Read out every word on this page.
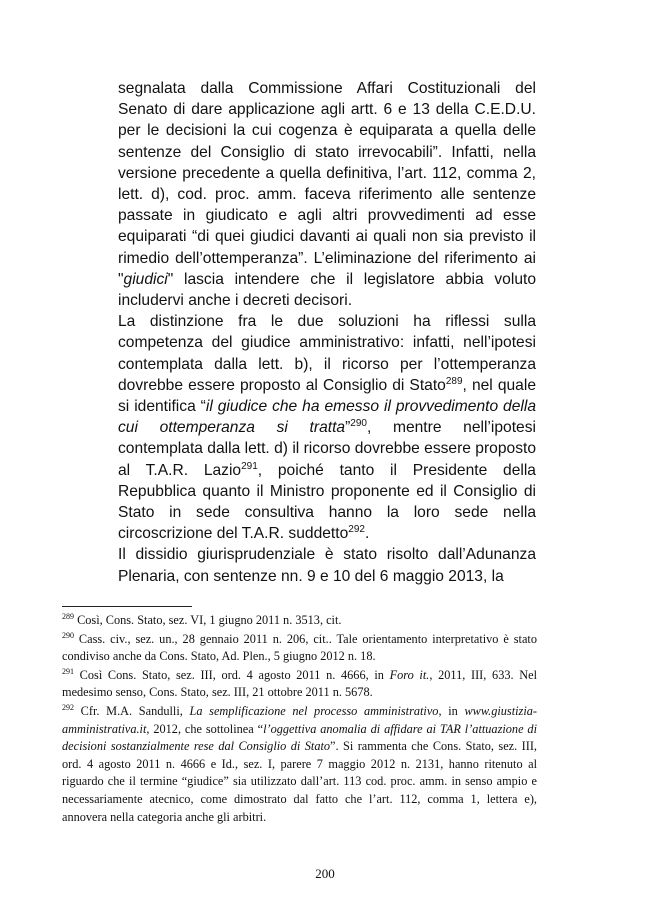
segnalata dalla Commissione Affari Costituzionali del Senato di dare applicazione agli artt. 6 e 13 della C.E.D.U. per le decisioni la cui cogenza è equiparata a quella delle sentenze del Consiglio di stato irrevocabili”. Infatti, nella versione precedente a quella definitiva, l’art. 112, comma 2, lett. d), cod. proc. amm. faceva riferimento alle sentenze passate in giudicato e agli altri provvedimenti ad esse equiparati “di quei giudici davanti ai quali non sia previsto il rimedio dell’ottemperanza”. L’eliminazione del riferimento ai "giudici" lascia intendere che il legislatore abbia voluto includervi anche i decreti decisori.

La distinzione fra le due soluzioni ha riflessi sulla competenza del giudice amministrativo: infatti, nell’ipotesi contemplata dalla lett. b), il ricorso per l’ottemperanza dovrebbe essere proposto al Consiglio di Stato$^{289}$, nel quale si identifica “il giudice che ha emesso il provvedimento della cui ottemperanza si tratta”$^{290}$, mentre nell’ipotesi contemplata dalla lett. d) il ricorso dovrebbe essere proposto al T.A.R. Lazio$^{291}$, poiché tanto il Presidente della Repubblica quanto il Ministro proponente ed il Consiglio di Stato in sede consultiva hanno la loro sede nella circoscrizione del T.A.R. suddetto$^{292}$.

Il dissidio giurisprudenziale è stato risolto dall’Adunanza Plenaria, con sentenze nn. 9 e 10 del 6 maggio 2013, la

$^{289}$ Così, Cons. Stato, sez. VI, 1 giugno 2011 n. 3513, cit.

$^{290}$ Cass. civ., sez. un., 28 gennaio 2011 n. 206, cit.. Tale orientamento interpretativo è stato condiviso anche da Cons. Stato, Ad. Plen., 5 giugno 2012 n. 18.

$^{291}$ Così Cons. Stato, sez. III, ord. 4 agosto 2011 n. 4666, in Foro it., 2011, III, 633. Nel medesimo senso, Cons. Stato, sez. III, 21 ottobre 2011 n. 5678.

$^{292}$ Cfr. M.A. Sandulli, La semplificazione nel processo amministrativo, in www.giustizia-amministrativa.it, 2012, che sottolinea “l’oggettiva anomalia di affidare ai TAR l’attuazione di decisioni sostanzialmente rese dal Consiglio di Stato”. Si rammenta che Cons. Stato, sez. III, ord. 4 agosto 2011 n. 4666 e Id., sez. I, parere 7 maggio 2012 n. 2131, hanno ritenuto al riguardo che il termine “giudice” sia utilizzato dall’art. 113 cod. proc. amm. in senso ampio e necessariamente atecnico, come dimostrato dal fatto che l’art. 112, comma 1, lettera e), annovera nella categoria anche gli arbitri.

200
